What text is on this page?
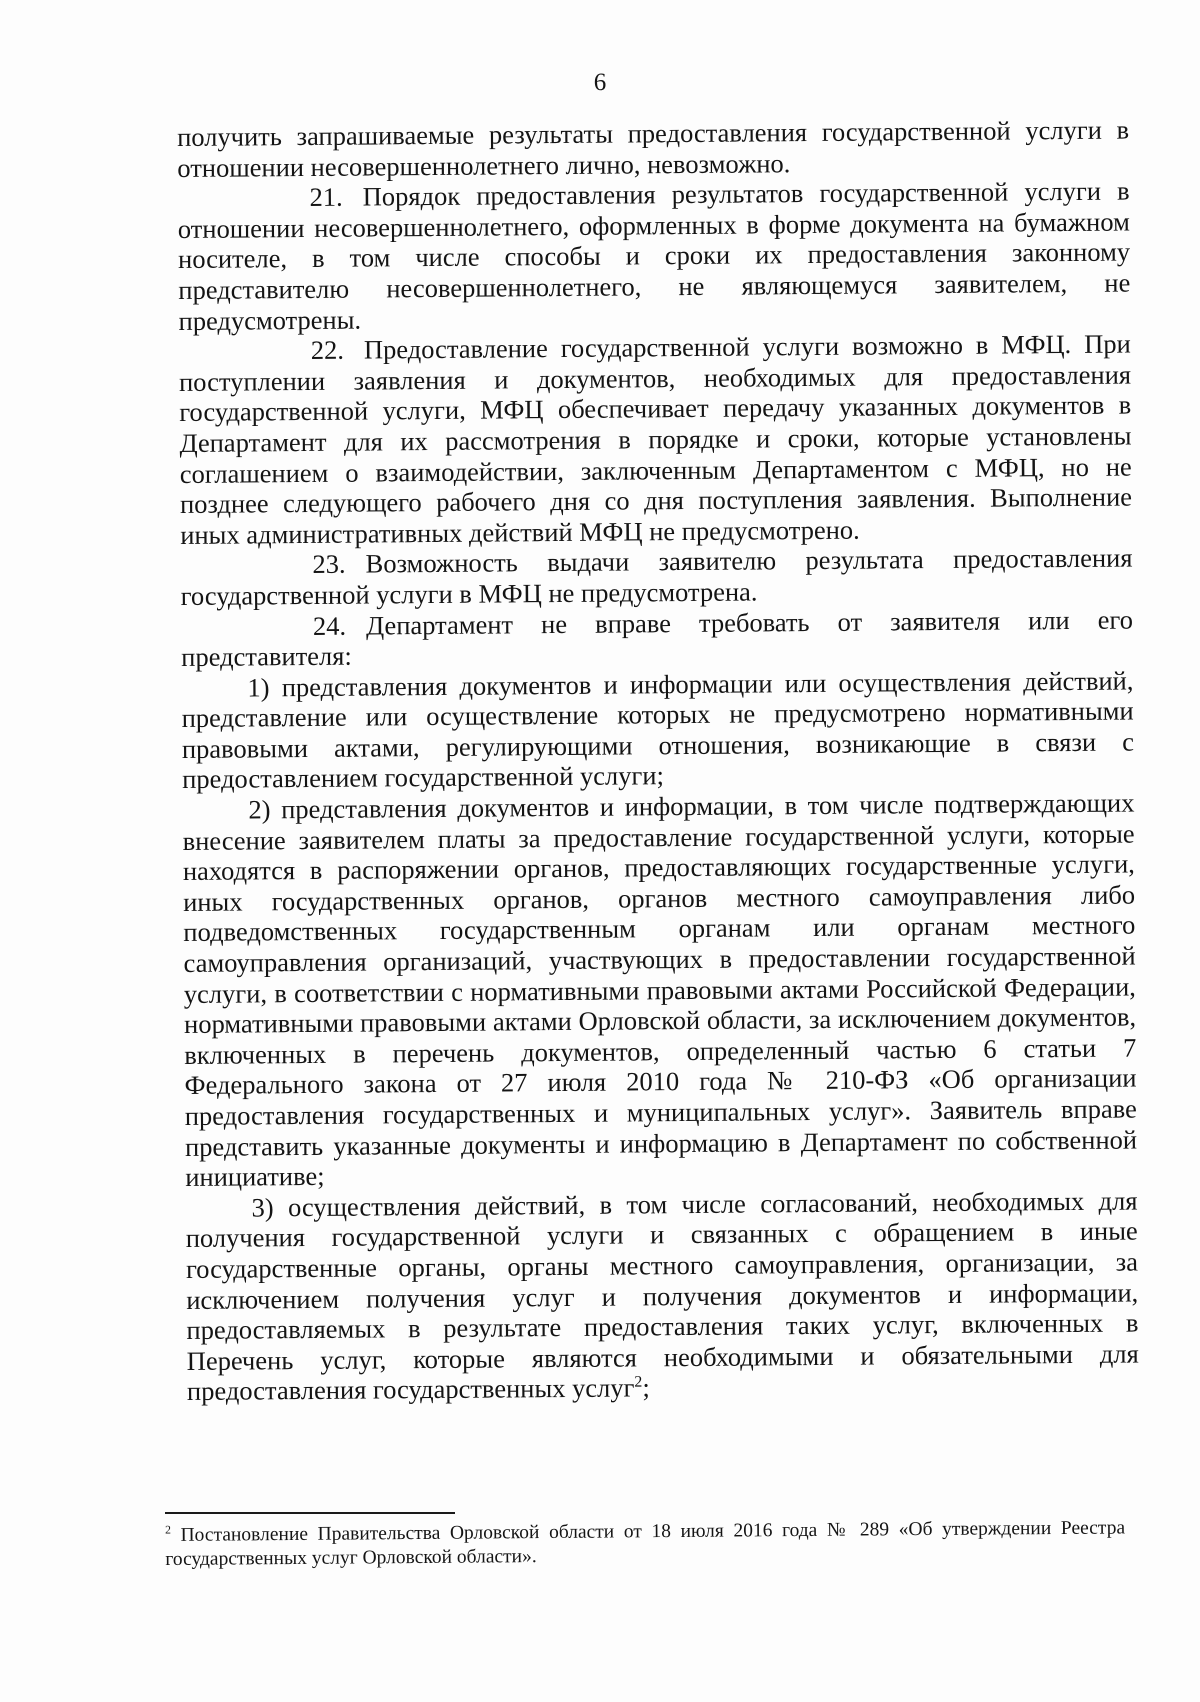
6

получить запрашиваемые результаты предоставления государственной услуги в отношении несовершеннолетнего лично, невозможно.

21. Порядок предоставления результатов государственной услуги в отношении несовершеннолетнего, оформленных в форме документа на бумажном носителе, в том числе способы и сроки их предоставления законному представителю несовершеннолетнего, не являющемуся заявителем, не предусмотрены.

22. Предоставление государственной услуги возможно в МФЦ. При поступлении заявления и документов, необходимых для предоставления государственной услуги, МФЦ обеспечивает передачу указанных документов в Департамент для их рассмотрения в порядке и сроки, которые установлены соглашением о взаимодействии, заключенным Департаментом с МФЦ, но не позднее следующего рабочего дня со дня поступления заявления. Выполнение иных административных действий МФЦ не предусмотрено.

23. Возможность выдачи заявителю результата предоставления государственной услуги в МФЦ не предусмотрена.

24. Департамент не вправе требовать от заявителя или его представителя:

1) представления документов и информации или осуществления действий, представление или осуществление которых не предусмотрено нормативными правовыми актами, регулирующими отношения, возникающие в связи с предоставлением государственной услуги;

2) представления документов и информации, в том числе подтверждающих внесение заявителем платы за предоставление государственной услуги, которые находятся в распоряжении органов, предоставляющих государственные услуги, иных государственных органов, органов местного самоуправления либо подведомственных государственным органам или органам местного самоуправления организаций, участвующих в предоставлении государственной услуги, в соответствии с нормативными правовыми актами Российской Федерации, нормативными правовыми актами Орловской области, за исключением документов, включенных в перечень документов, определенный частью 6 статьи 7 Федерального закона от 27 июля 2010 года № 210-ФЗ «Об организации предоставления государственных и муниципальных услуг». Заявитель вправе представить указанные документы и информацию в Департамент по собственной инициативе;

3) осуществления действий, в том числе согласований, необходимых для получения государственной услуги и связанных с обращением в иные государственные органы, органы местного самоуправления, организации, за исключением получения услуг и получения документов и информации, предоставляемых в результате предоставления таких услуг, включенных в Перечень услуг, которые являются необходимыми и обязательными для предоставления государственных услуг$^2$;

$^2$ Постановление Правительства Орловской области от 18 июля 2016 года № 289 «Об утверждении Реестра государственных услуг Орловской области».
